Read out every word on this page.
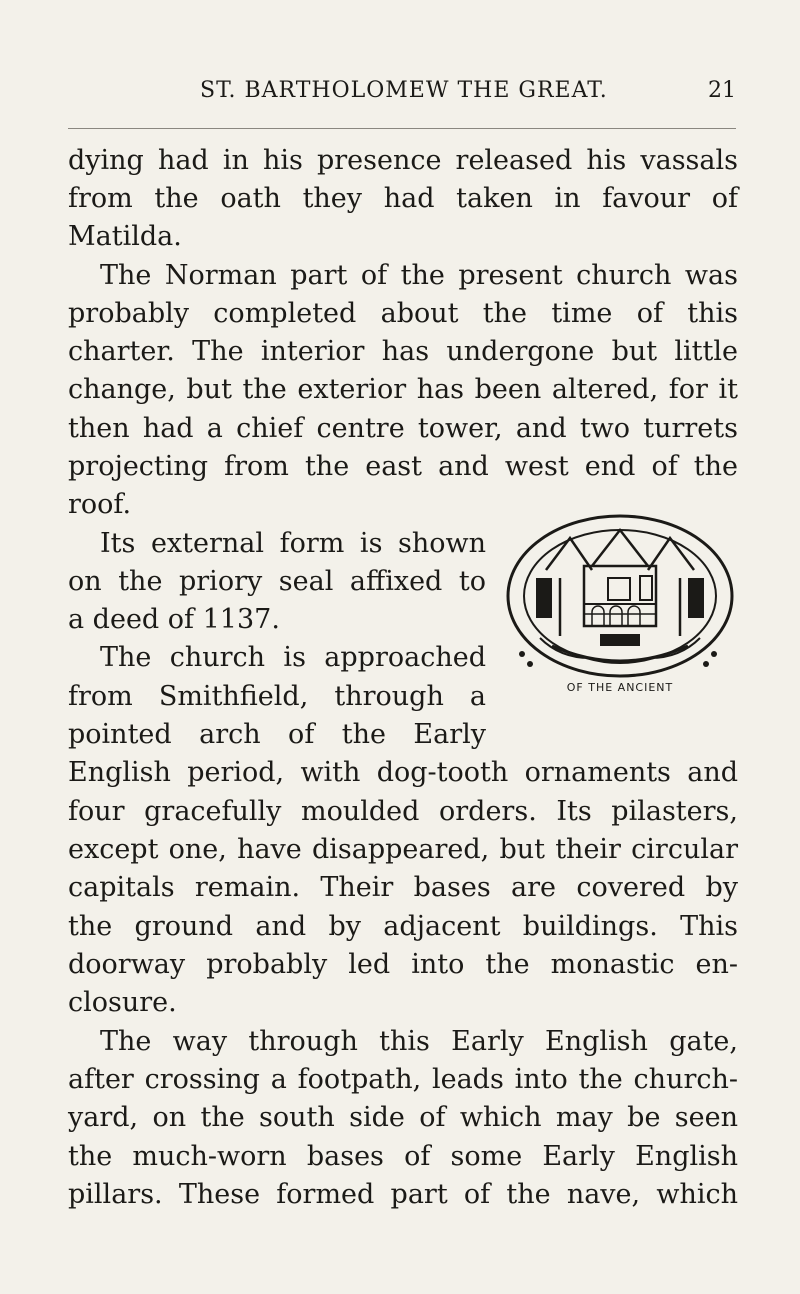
ST. BARTHOLOMEW THE GREAT.	21
dying had in his presence released his vassals
from the oath they had taken in favour of
Matilda.
The Norman part of the present church was
probably completed about the time of this
charter. The interior has undergone but little
change, but the exterior has been altered, for it
then had a chief centre tower, and two turrets
projecting from the east and west end of the
roof.
Its external form is shown
on the priory seal affixed to
a deed of 1137.
The church is approached
from Smithfield, through a
pointed arch of the Early
English period, with dog-tooth ornaments and
four gracefully moulded orders. Its pilasters,
except one, have disappeared, but their circular
capitals remain. Their bases are covered by
the ground and by adjacent buildings. This
doorway probably led into the monastic en-
closure.
The way through this Early English gate,
after crossing a footpath, leads into the church-
yard, on the south side of which may be seen
the much-worn bases of some Early English
pillars. These formed part of the nave, which
OF THE ANCIENT
